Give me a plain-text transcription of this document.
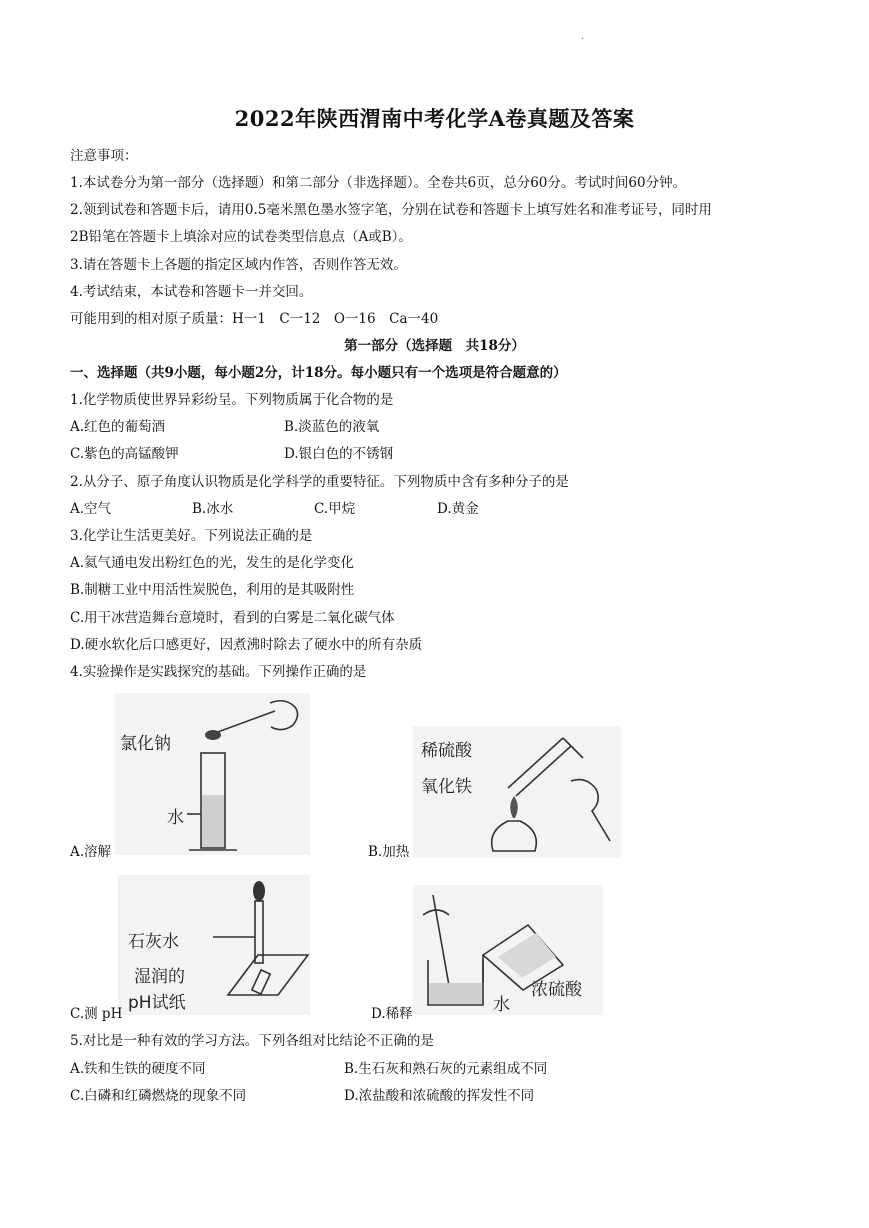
·
2022年陕西渭南中考化学A卷真题及答案
注意事项：
1.本试卷分为第一部分（选择题）和第二部分（非选择题）。全卷共6页，总分60分。考试时间60分钟。
2.领到试卷和答题卡后，请用0.5毫米黑色墨水签字笔，分别在试卷和答题卡上填写姓名和准考证号，同时用
2B铅笔在答题卡上填涂对应的试卷类型信息点（A或B）。
3.请在答题卡上各题的指定区域内作答，否则作答无效。
4.考试结束，本试卷和答题卡一并交回。
可能用到的相对原子质量：H一1　C一12　O一16　Ca一40
第一部分（选择题　共18分）
一、选择题（共9小题，每小题2分，计18分。每小题只有一个选项是符合题意的）
1.化学物质使世界异彩纷呈。下列物质属于化合物的是
A.红色的葡萄酒	B.淡蓝色的液氧
C.紫色的高锰酸钾	D.银白色的不锈钢
2.从分子、原子角度认识物质是化学科学的重要特征。下列物质中含有多种分子的是
A.空气	B.冰水	C.甲烷	D.黄金
3.化学让生活更美好。下列说法正确的是
A.氦气通电发出粉红色的光，发生的是化学变化
B.制糖工业中用活性炭脱色，利用的是其吸附性
C.用干冰营造舞台意境时，看到的白雾是二氧化碳气体
D.硬水软化后口感更好，因煮沸时除去了硬水中的所有杂质
4.实验操作是实践探究的基础。下列操作正确的是
氯化钠
水
A.溶解
稀硫酸
氧化铁
B.加热
石灰水
湿润的
pH试纸
C.测 pH
浓硫酸
水
D.稀释
5.对比是一种有效的学习方法。下列各组对比结论不正确的是
A.铁和生铁的硬度不同	B.生石灰和熟石灰的元素组成不同
C.白磷和红磷燃烧的现象不同	D.浓盐酸和浓硫酸的挥发性不同
